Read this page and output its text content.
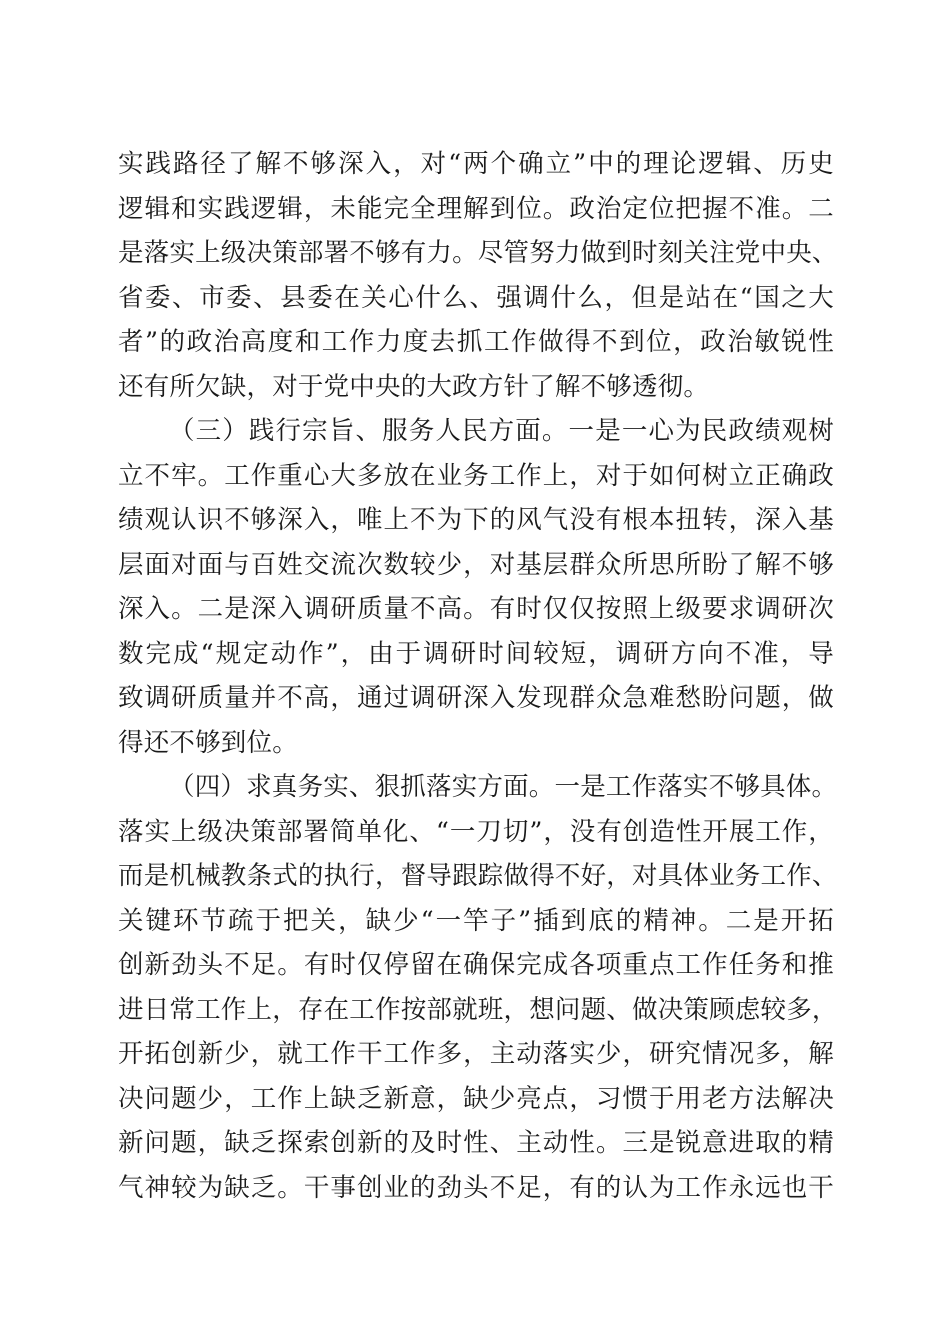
实践路径了解不够深入，对“两个确立”中的理论逻辑、历史
逻辑和实践逻辑，未能完全理解到位。政治定位把握不准。二
是落实上级决策部署不够有力。尽管努力做到时刻关注党中央、
省委、市委、县委在关心什么、强调什么，但是站在“国之大
者”的政治高度和工作力度去抓工作做得不到位，政治敏锐性
还有所欠缺，对于党中央的大政方针了解不够透彻。
（三）践行宗旨、服务人民方面。一是一心为民政绩观树
立不牢。工作重心大多放在业务工作上，对于如何树立正确政
绩观认识不够深入，唯上不为下的风气没有根本扭转，深入基
层面对面与百姓交流次数较少，对基层群众所思所盼了解不够
深入。二是深入调研质量不高。有时仅仅按照上级要求调研次
数完成“规定动作”，由于调研时间较短，调研方向不准，导
致调研质量并不高，通过调研深入发现群众急难愁盼问题，做
得还不够到位。
（四）求真务实、狠抓落实方面。一是工作落实不够具体。
落实上级决策部署简单化、“一刀切”，没有创造性开展工作，
而是机械教条式的执行，督导跟踪做得不好，对具体业务工作、
关键环节疏于把关，缺少“一竿子”插到底的精神。二是开拓
创新劲头不足。有时仅停留在确保完成各项重点工作任务和推
进日常工作上，存在工作按部就班，想问题、做决策顾虑较多，
开拓创新少，就工作干工作多，主动落实少，研究情况多，解
决问题少，工作上缺乏新意，缺少亮点，习惯于用老方法解决
新问题，缺乏探索创新的及时性、主动性。三是锐意进取的精
气神较为缺乏。干事创业的劲头不足，有的认为工作永远也干
